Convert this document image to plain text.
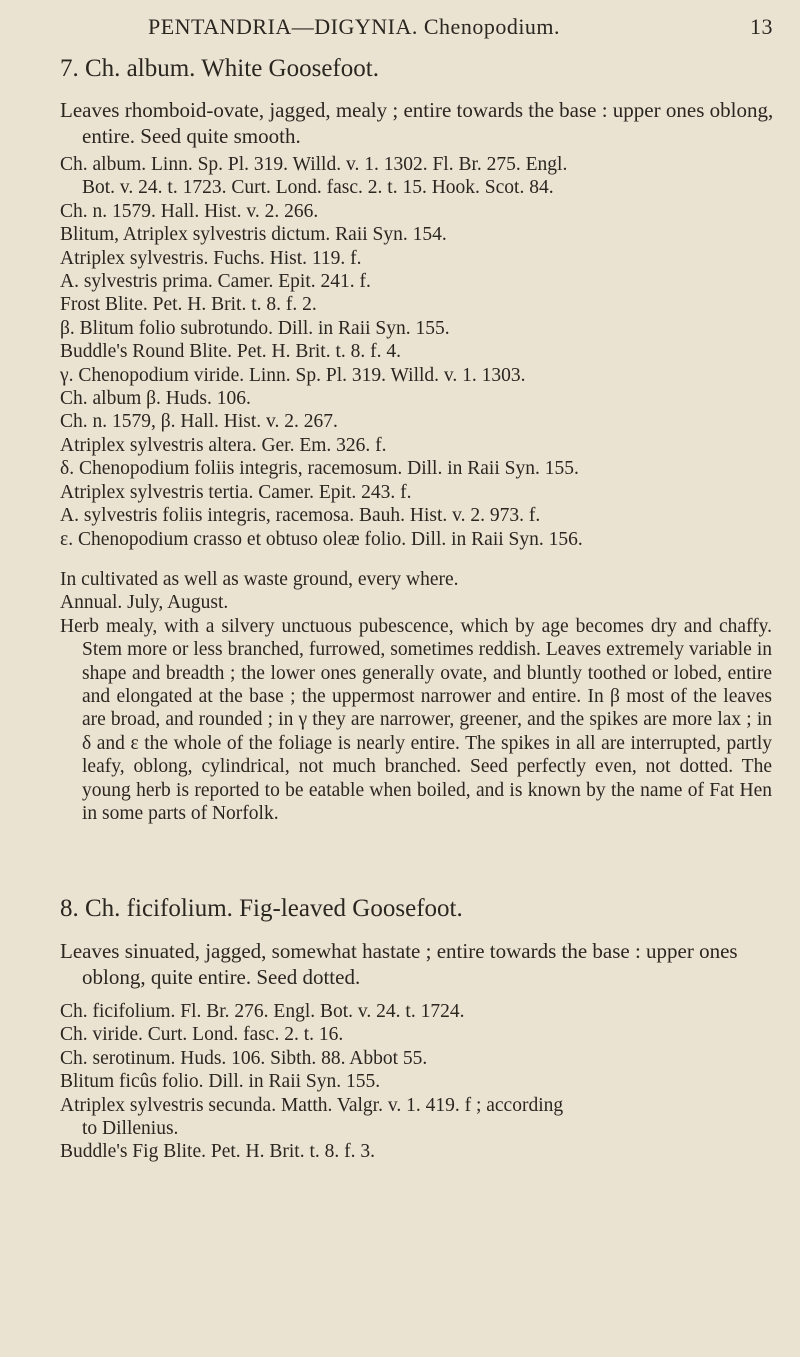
PENTANDRIA—DIGYNIA. Chenopodium.	13
7. Ch. album. White Goosefoot.
Leaves rhomboid-ovate, jagged, mealy ; entire towards the base : upper ones oblong, entire. Seed quite smooth.
Ch. album. Linn. Sp. Pl. 319. Willd. v. 1. 1302. Fl. Br. 275. Engl.
Bot. v. 24. t. 1723. Curt. Lond. fasc. 2. t. 15. Hook. Scot. 84.
Ch. n. 1579. Hall. Hist. v. 2. 266.
Blitum, Atriplex sylvestris dictum. Raii Syn. 154.
Atriplex sylvestris. Fuchs. Hist. 119. f.
A. sylvestris prima. Camer. Epit. 241. f.
Frost Blite. Pet. H. Brit. t. 8. f. 2.
β. Blitum folio subrotundo. Dill. in Raii Syn. 155.
Buddle's Round Blite. Pet. H. Brit. t. 8. f. 4.
γ. Chenopodium viride. Linn. Sp. Pl. 319. Willd. v. 1. 1303.
Ch. album β. Huds. 106.
Ch. n. 1579, β. Hall. Hist. v. 2. 267.
Atriplex sylvestris altera. Ger. Em. 326. f.
δ. Chenopodium foliis integris, racemosum. Dill. in Raii Syn. 155.
Atriplex sylvestris tertia. Camer. Epit. 243. f.
A. sylvestris foliis integris, racemosa. Bauh. Hist. v. 2. 973. f.
ε. Chenopodium crasso et obtuso oleæ folio. Dill. in Raii Syn. 156.
In cultivated as well as waste ground, every where.
Annual. July, August.
Herb mealy, with a silvery unctuous pubescence, which by age becomes dry and chaffy. Stem more or less branched, furrowed, sometimes reddish. Leaves extremely variable in shape and breadth ; the lower ones generally ovate, and bluntly toothed or lobed, entire and elongated at the base ; the uppermost narrower and entire. In β most of the leaves are broad, and rounded ; in γ they are narrower, greener, and the spikes are more lax ; in δ and ε the whole of the foliage is nearly entire. The spikes in all are interrupted, partly leafy, oblong, cylindrical, not much branched. Seed perfectly even, not dotted. The young herb is reported to be eatable when boiled, and is known by the name of Fat Hen in some parts of Norfolk.
8. Ch. ficifolium. Fig-leaved Goosefoot.
Leaves sinuated, jagged, somewhat hastate ; entire towards the base : upper ones oblong, quite entire. Seed dotted.
Ch. ficifolium. Fl. Br. 276. Engl. Bot. v. 24. t. 1724.
Ch. viride. Curt. Lond. fasc. 2. t. 16.
Ch. serotinum. Huds. 106. Sibth. 88. Abbot 55.
Blitum ficûs folio. Dill. in Raii Syn. 155.
Atriplex sylvestris secunda. Matth. Valgr. v. 1. 419. f ; according
to Dillenius.
Buddle's Fig Blite. Pet. H. Brit. t. 8. f. 3.
